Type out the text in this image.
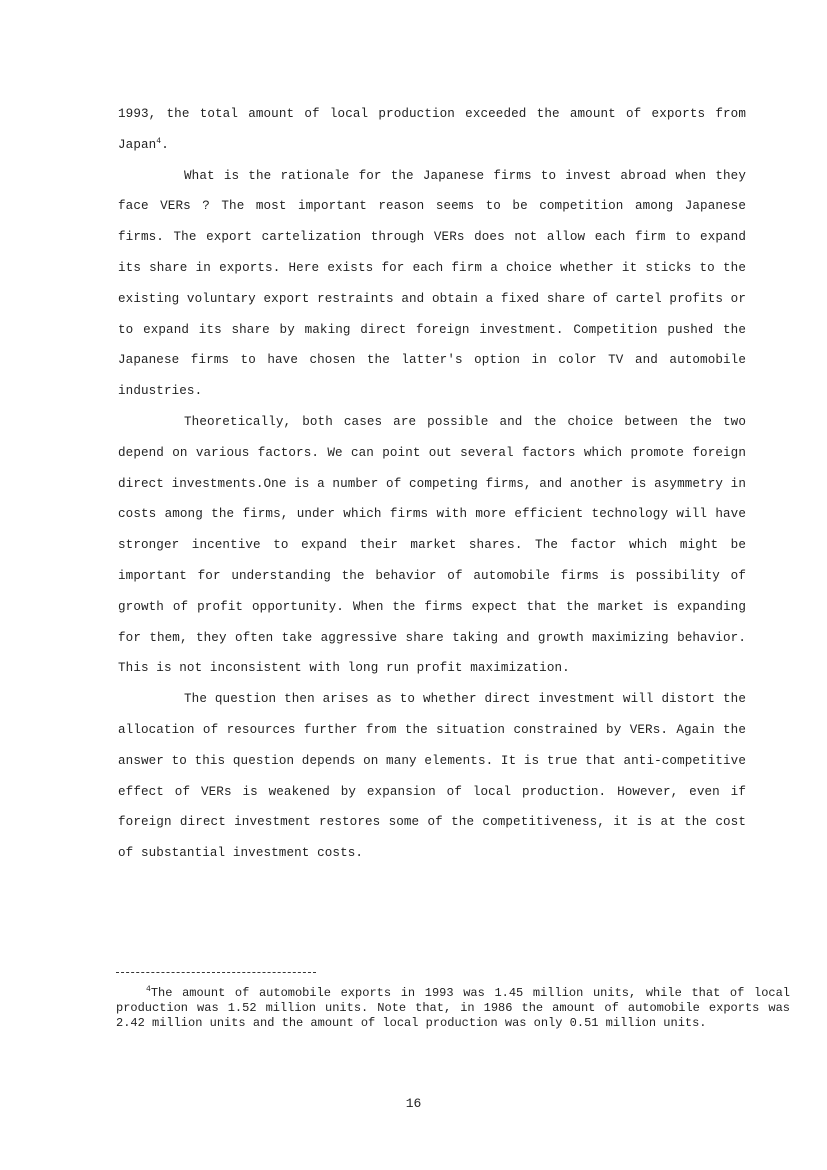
1993, the total amount of local production exceeded the amount of exports from Japan$^4$.

What is the rationale for the Japanese firms to invest abroad when they face VERs ? The most important reason seems to be competition among Japanese firms. The export cartelization through VERs does not allow each firm to expand its share in exports. Here exists for each firm a choice whether it sticks to the existing voluntary export restraints and obtain a fixed share of cartel profits or to expand its share by making direct foreign investment. Competition pushed the Japanese firms to have chosen the latter's option in color TV and automobile industries.

Theoretically, both cases are possible and the choice between the two depend on various factors. We can point out several factors which promote foreign direct investments.One is a number of competing firms, and another is asymmetry in costs among the firms, under which firms with more efficient technology will have stronger incentive to expand their market shares. The factor which might be important for understanding the behavior of automobile firms is possibility of growth of profit opportunity. When the firms expect that the market is expanding for them, they often take aggressive share taking and growth maximizing behavior. This is not inconsistent with long run profit maximization.

The question then arises as to whether direct investment will distort the allocation of resources further from the situation constrained by VERs. Again the answer to this question depends on many elements. It is true that anti-competitive effect of VERs is weakened by expansion of local production. However, even if foreign direct investment restores some of the competitiveness, it is at the cost of substantial investment costs.

$^4$The amount of automobile exports in 1993 was 1.45 million units, while that of local production was 1.52 million units. Note that, in 1986 the amount of automobile exports was 2.42 million units and the amount of local production was only 0.51 million units.

16
